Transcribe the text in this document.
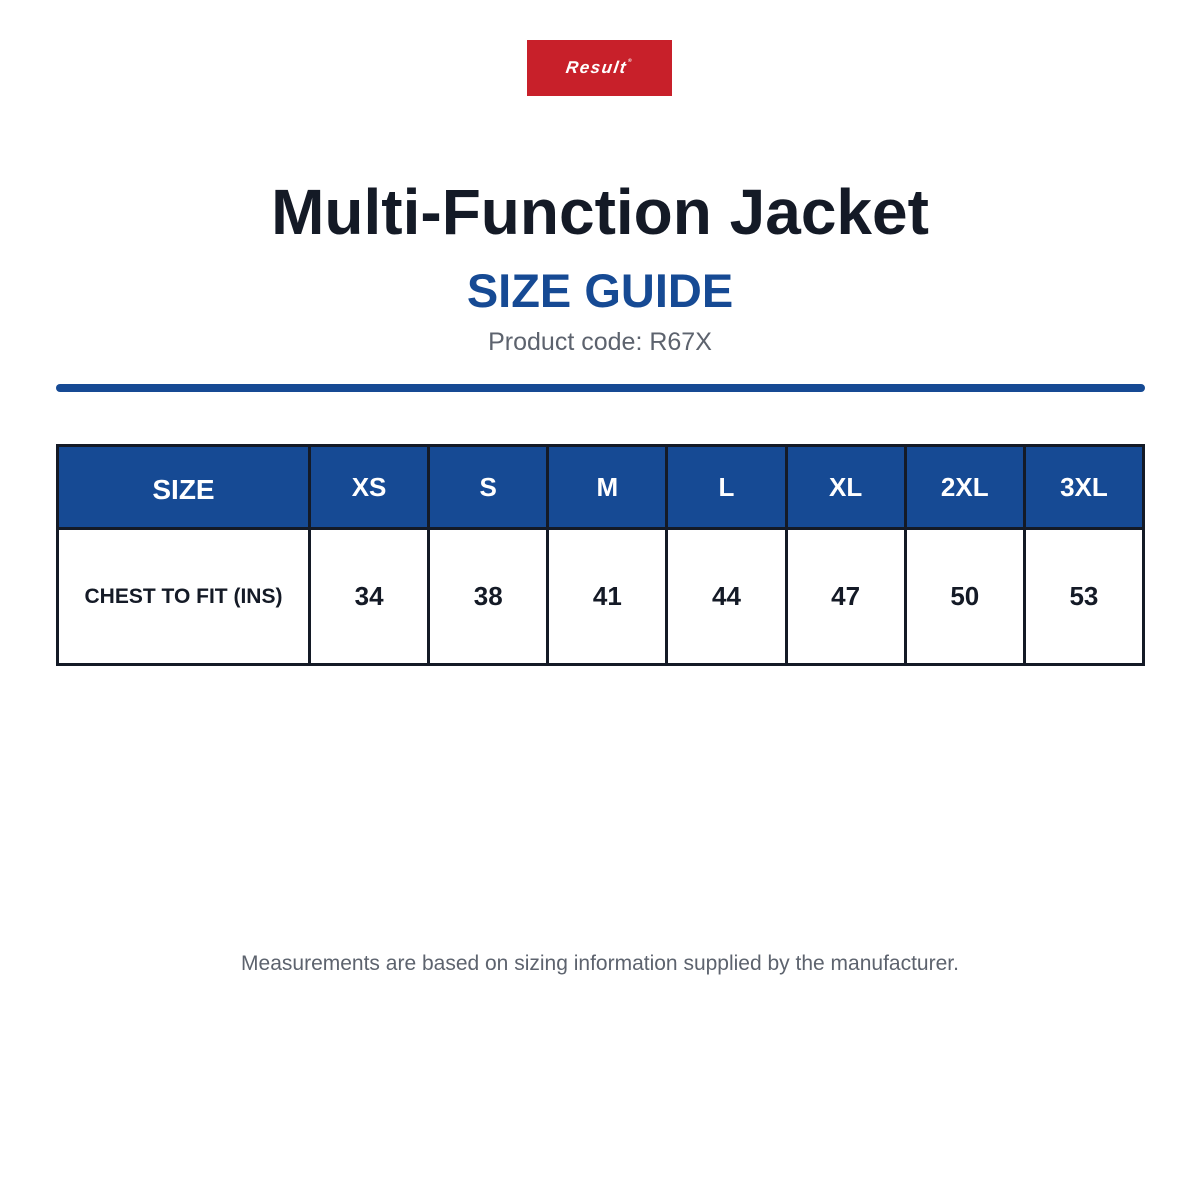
Result®
Multi-Function Jacket
SIZE GUIDE
Product code: R67X
SIZE	XS	S	M	L	XL	2XL	3XL
CHEST TO FIT (INS)	34	38	41	44	47	50	53
Measurements are based on sizing information supplied by the manufacturer.
